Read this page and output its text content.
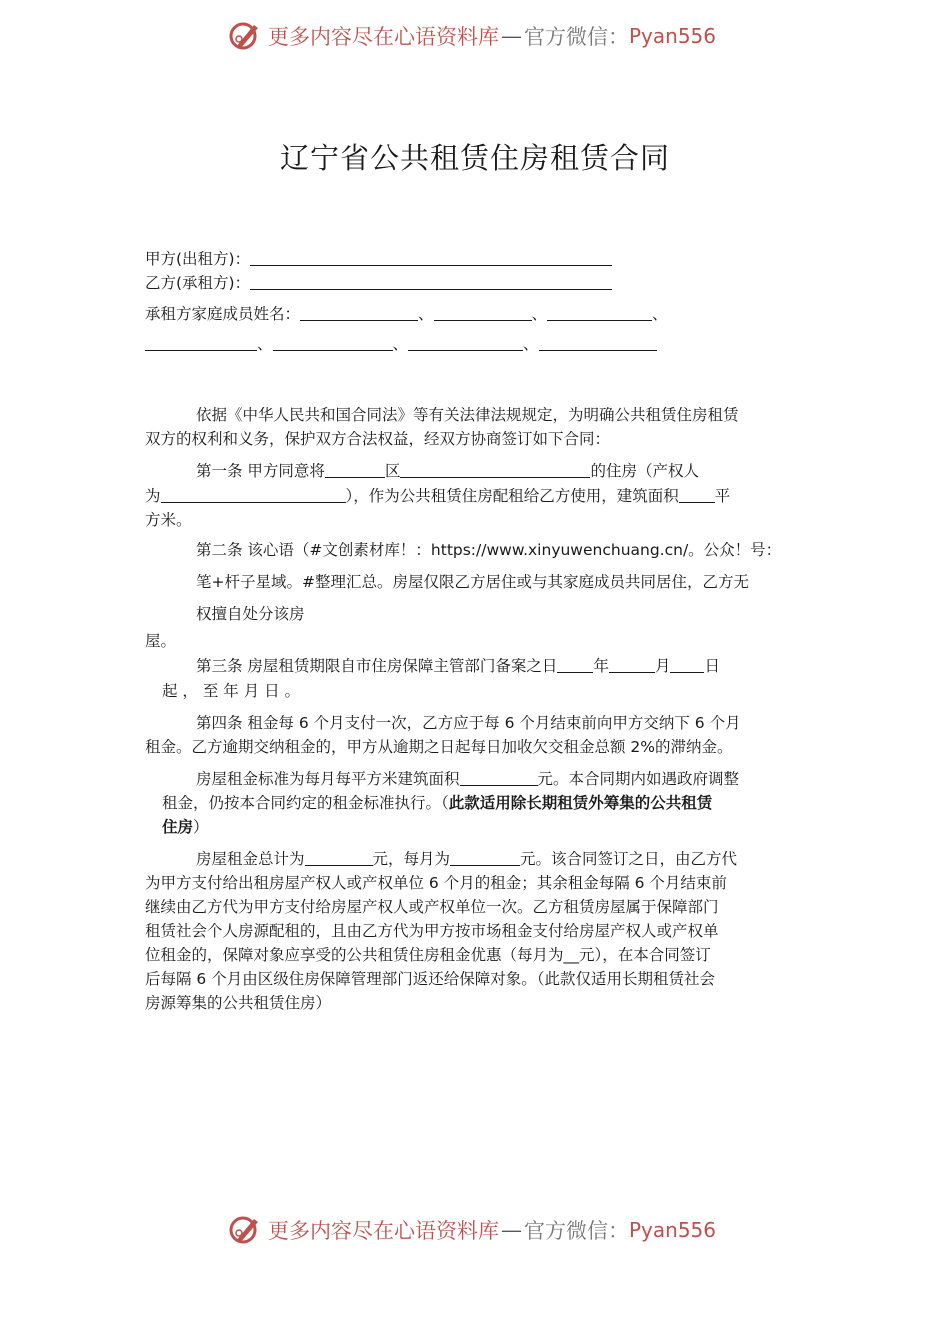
更多内容尽在心语资料库 — 官方微信： Pyan556
辽宁省公共租赁住房租赁合同
甲方(出租方)：
乙方(承租方)：
承租方家庭成员姓名：	、	、	、
、	、	、
依据《中华人民共和国合同法》等有关法律法规规定，为明确公共租赁住房租赁
双方的权利和义务，保护双方合法权益，经双方协商签订如下合同：
第一条 甲方同意将	区	的住房（产权人
为	），作为公共租赁住房配租给乙方使用，建筑面积 平
方米。
第二条 该心语（#文创素材库！：https://www.xinyuwenchuang.cn/。公众！号：
笔+杆子星域。#整理汇总。房屋仅限乙方居住或与其家庭成员共同居住，乙方无
权擅自处分该房
屋。
第三条 房屋租赁期限自市住房保障主管部门备案之日 年	月 日
起 ， 至 年 月 日 。
第四条 租金每 6 个月支付一次，乙方应于每 6 个月结束前向甲方交纳下 6 个月
租金。乙方逾期交纳租金的，甲方从逾期之日起每日加收欠交租金总额 2%的滞纳金。
房屋租金标准为每月每平方米建筑面积	元。本合同期内如遇政府调整
租金，仍按本合同约定的租金标准执行。（此款适用除长期租赁外筹集的公共租赁
住房）
房屋租金总计为	元，每月为	元。该合同签订之日，由乙方代
为甲方支付给出租房屋产权人或产权单位 6 个月的租金；其余租金每隔 6 个月结束前
继续由乙方代为甲方支付给房屋产权人或产权单位一次。乙方租赁房屋属于保障部门
租赁社会个人房源配租的，且由乙方代为甲方按市场租金支付给房屋产权人或产权单
位租金的，保障对象应享受的公共租赁住房租金优惠（每月为__元），在本合同签订
后每隔 6 个月由区级住房保障管理部门返还给保障对象。（此款仅适用长期租赁社会
房源筹集的公共租赁住房）
更多内容尽在心语资料库 — 官方微信： Pyan556
